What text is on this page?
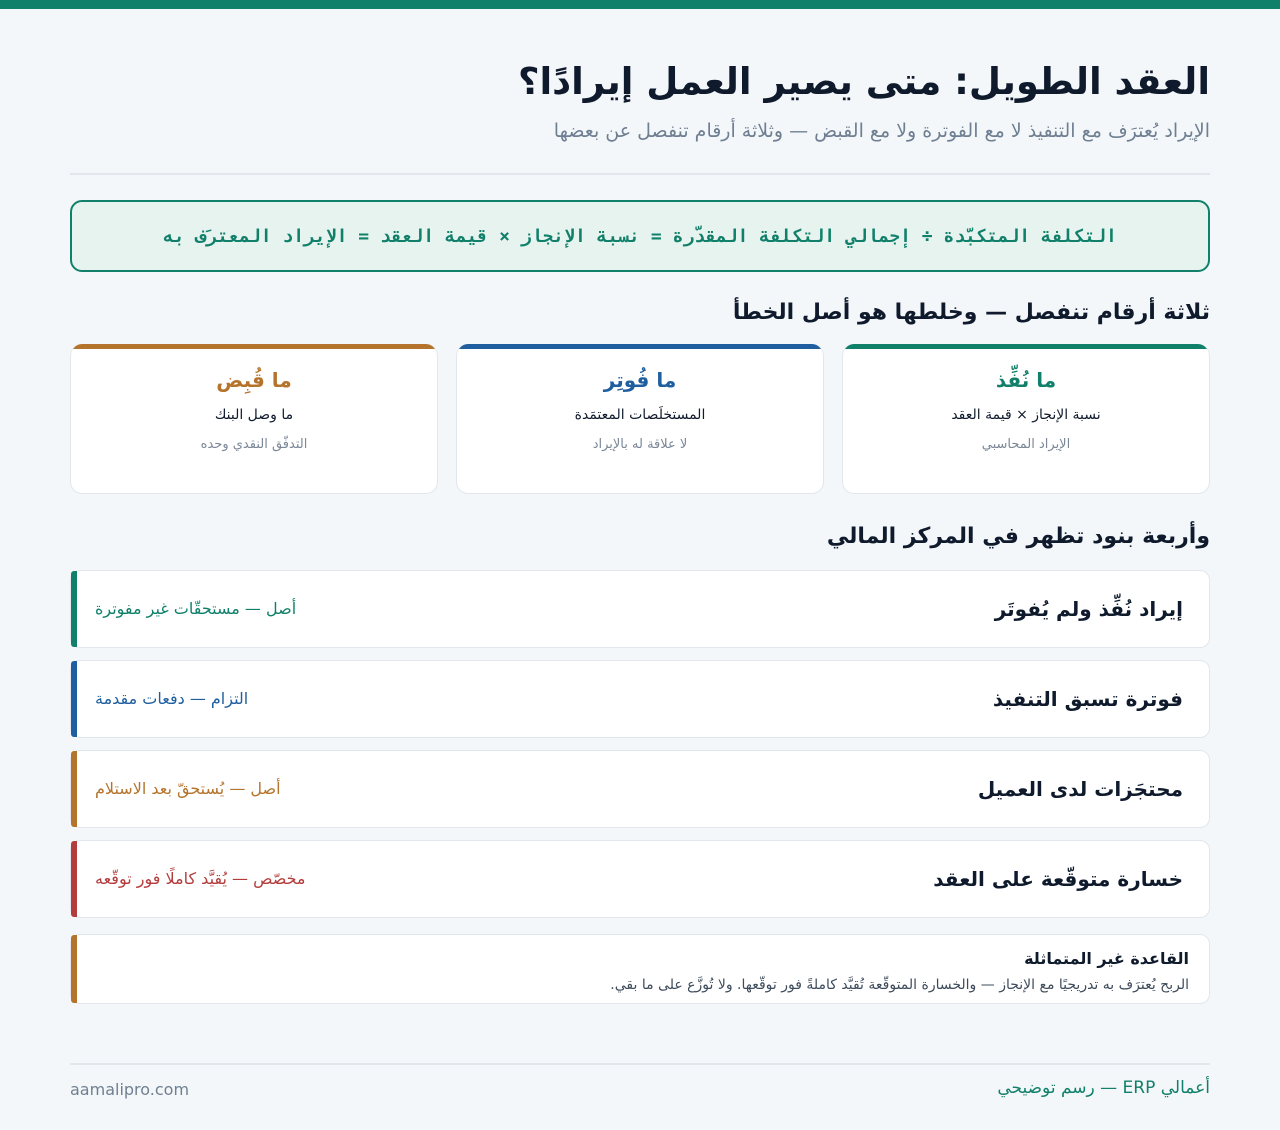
العقد الطويل: متى يصير العمل إيرادًا؟
الإيراد يُعترَف مع التنفيذ لا مع الفوترة ولا مع القبض — وثلاثة أرقام تنفصل عن بعضها
التكلفة المتكبّدة ÷ إجمالي التكلفة المقدّرة = نسبة الإنجاز × قيمة العقد = الإيراد المعترَف به
ثلاثة أرقام تنفصل — وخلطها هو أصل الخطأ
ما نُفِّذ
نسبة الإنجاز × قيمة العقد
الإيراد المحاسبي
ما فُوتِر
المستخلَصات المعتمَدة
لا علاقة له بالإيراد
ما قُبِض
ما وصل البنك
التدفّق النقدي وحده
وأربعة بنود تظهر في المركز المالي
إيراد نُفِّذ ولم يُفوتَر
أصل — مستحقّات غير مفوترة
فوترة تسبق التنفيذ
التزام — دفعات مقدمة
محتجَزات لدى العميل
أصل — يُستحقّ بعد الاستلام
خسارة متوقّعة على العقد
مخصّص — يُقيَّد كاملًا فور توقّعه
القاعدة غير المتماثلة
الربح يُعترَف به تدريجيًا مع الإنجاز — والخسارة المتوقّعة تُقيَّد كاملةً فور توقّعها. ولا تُوزَّع على ما بقي.
أعمالي ERP — رسم توضيحي
aamalipro.com
